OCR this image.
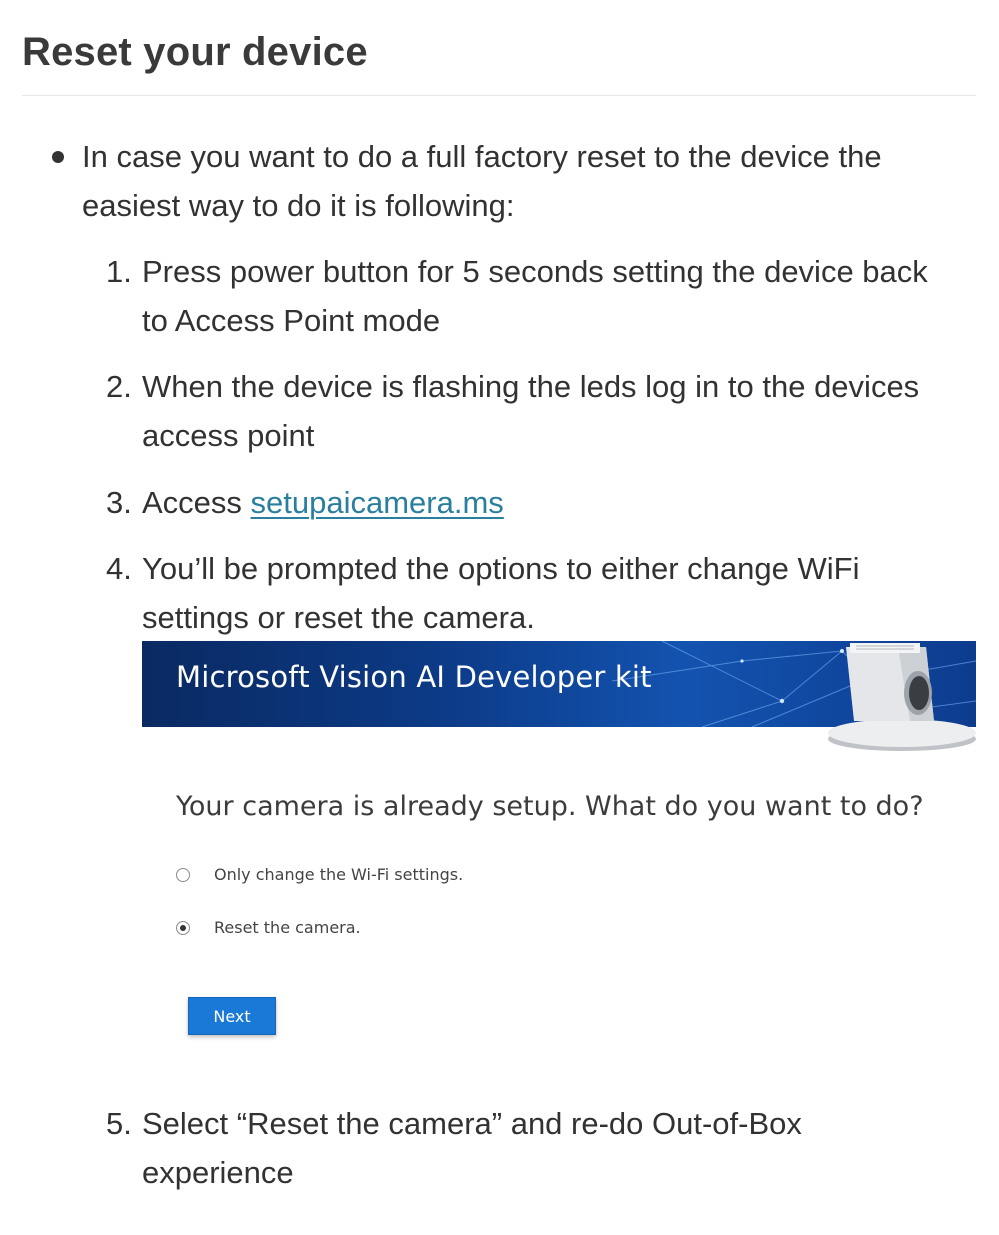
Reset your device
In case you want to do a full factory reset to the device the easiest way to do it is following:
1. Press power button for 5 seconds setting the device back
to Access Point mode
2. When the device is flashing the leds log in to the devices
access point
3. Access setupaicamera.ms
4. You’ll be prompted the options to either change WiFi
settings or reset the camera.
Microsoft Vision AI Developer kit
Your camera is already setup. What do you want to do?
Only change the Wi-Fi settings.
Reset the camera.
Next
5. Select “Reset the camera” and re-do Out-of-Box
experience
